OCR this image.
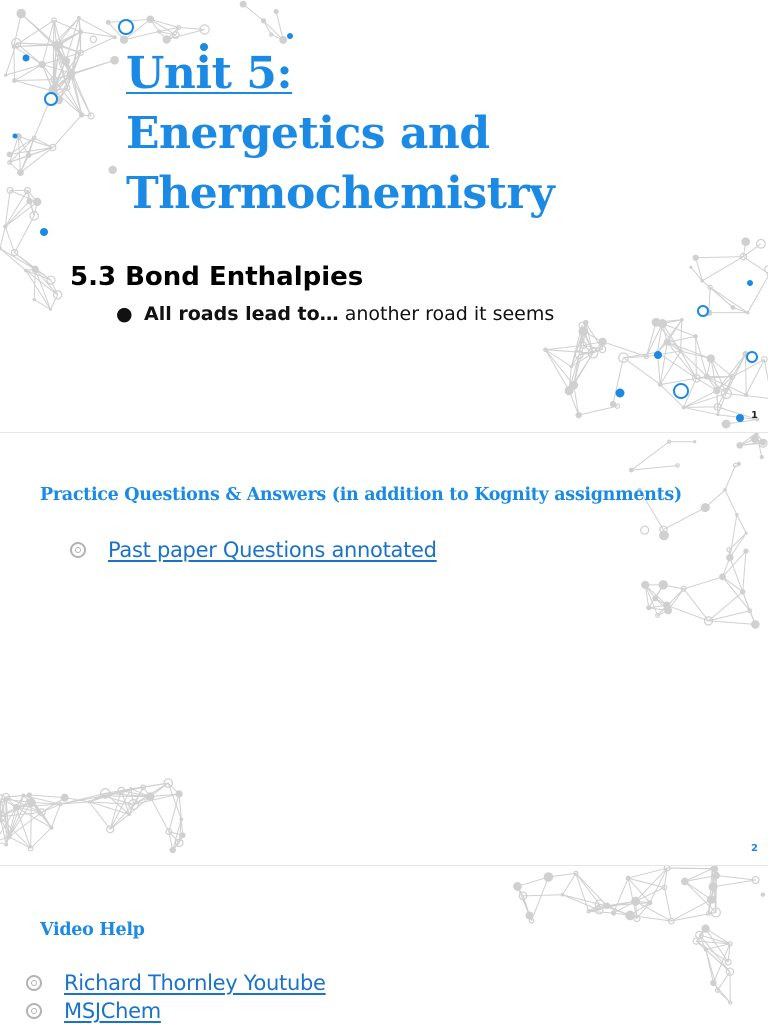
Unit 5:
Energetics and
Thermochemistry
5.3 Bond Enthalpies
● All roads lead to… another road it seems
1
Practice Questions & Answers (in addition to Kognity assignments)
Past paper Questions annotated
2
Video Help
Richard Thornley Youtube
MSJChem
